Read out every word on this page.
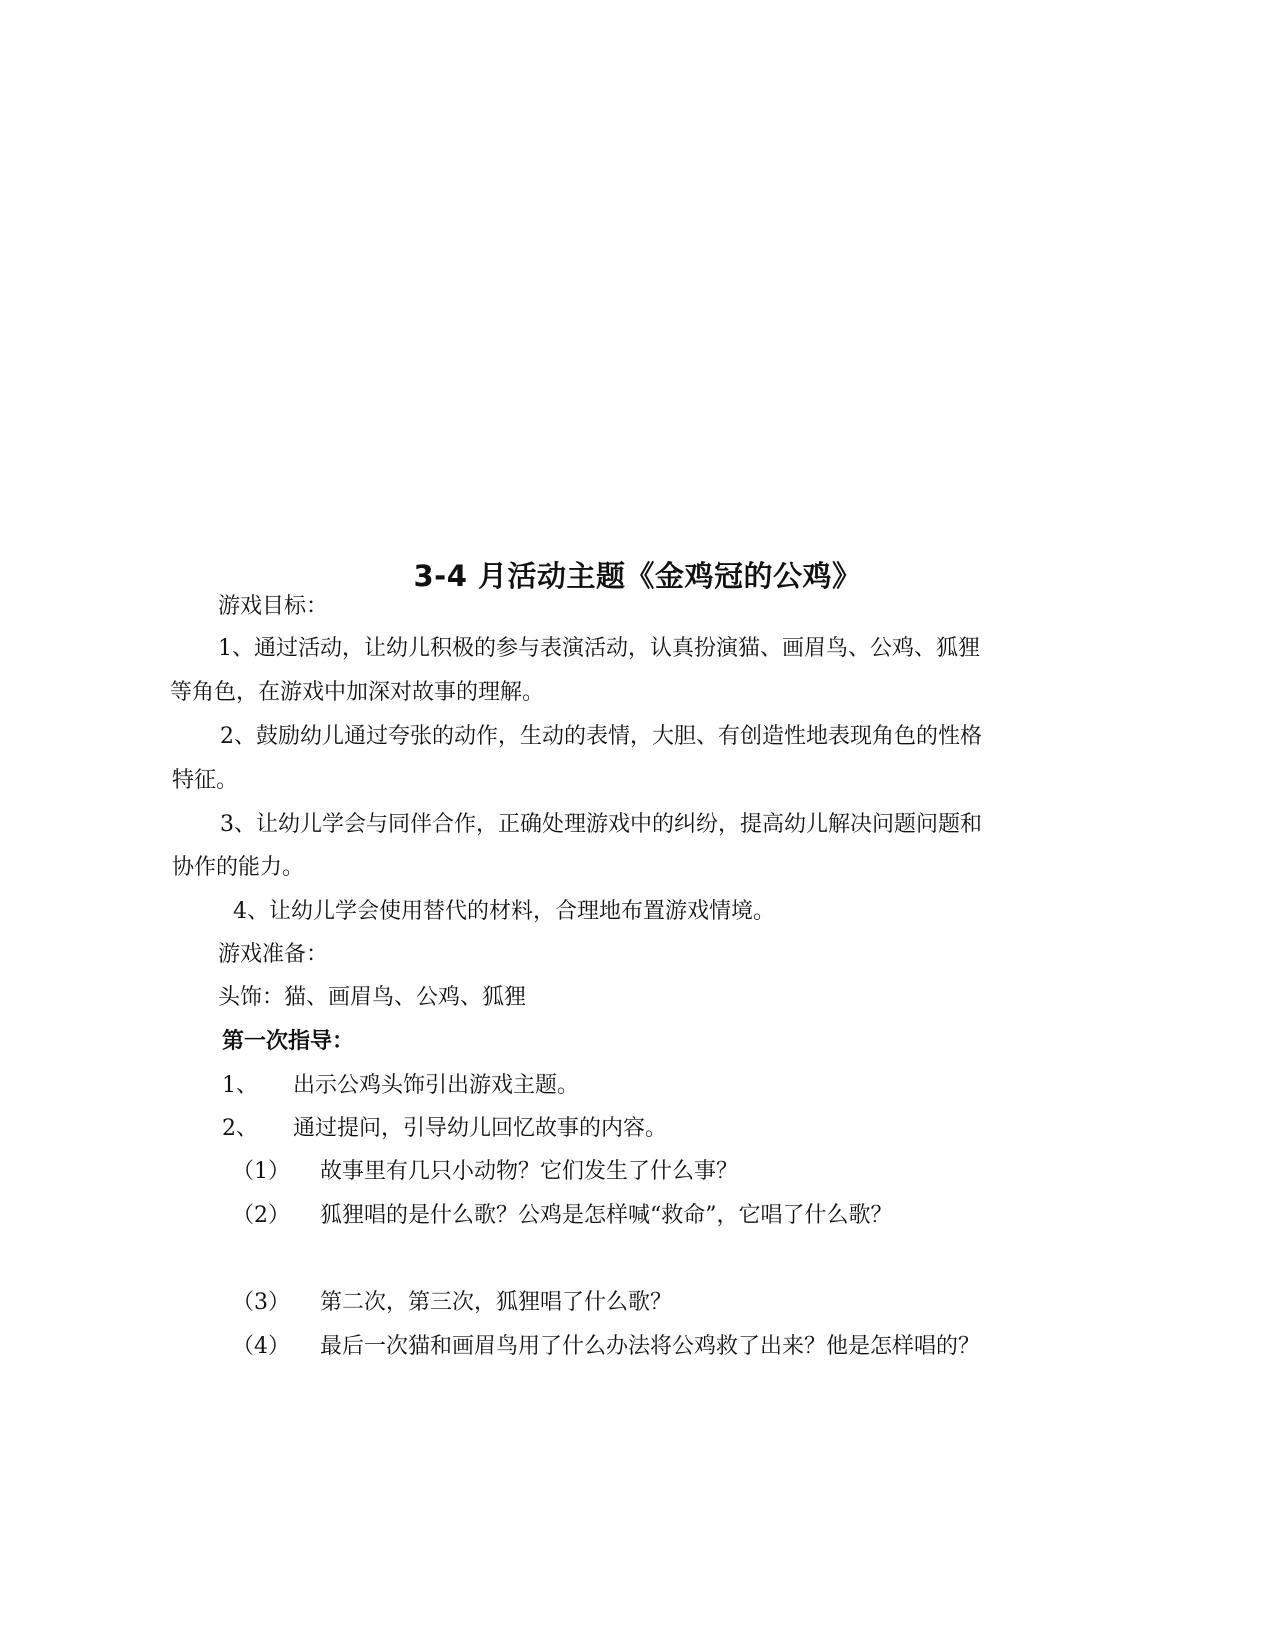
3-4 月活动主题《金鸡冠的公鸡》
游戏目标：
1、通过活动，让幼儿积极的参与表演活动，认真扮演猫、画眉鸟、公鸡、狐狸
等角色，在游戏中加深对故事的理解。
2、鼓励幼儿通过夸张的动作，生动的表情，大胆、有创造性地表现角色的性格
特征。
3、让幼儿学会与同伴合作，正确处理游戏中的纠纷，提高幼儿解决问题问题和
协作的能力。
4、让幼儿学会使用替代的材料，合理地布置游戏情境。
游戏准备：
头饰：猫、画眉鸟、公鸡、狐狸
第一次指导：
1、 出示公鸡头饰引出游戏主题。
2、 通过提问，引导幼儿回忆故事的内容。
（1） 故事里有几只小动物？它们发生了什么事？
（2） 狐狸唱的是什么歌？公鸡是怎样喊“救命”，它唱了什么歌？
（3） 第二次，第三次，狐狸唱了什么歌？
（4） 最后一次猫和画眉鸟用了什么办法将公鸡救了出来？他是怎样唱的？
